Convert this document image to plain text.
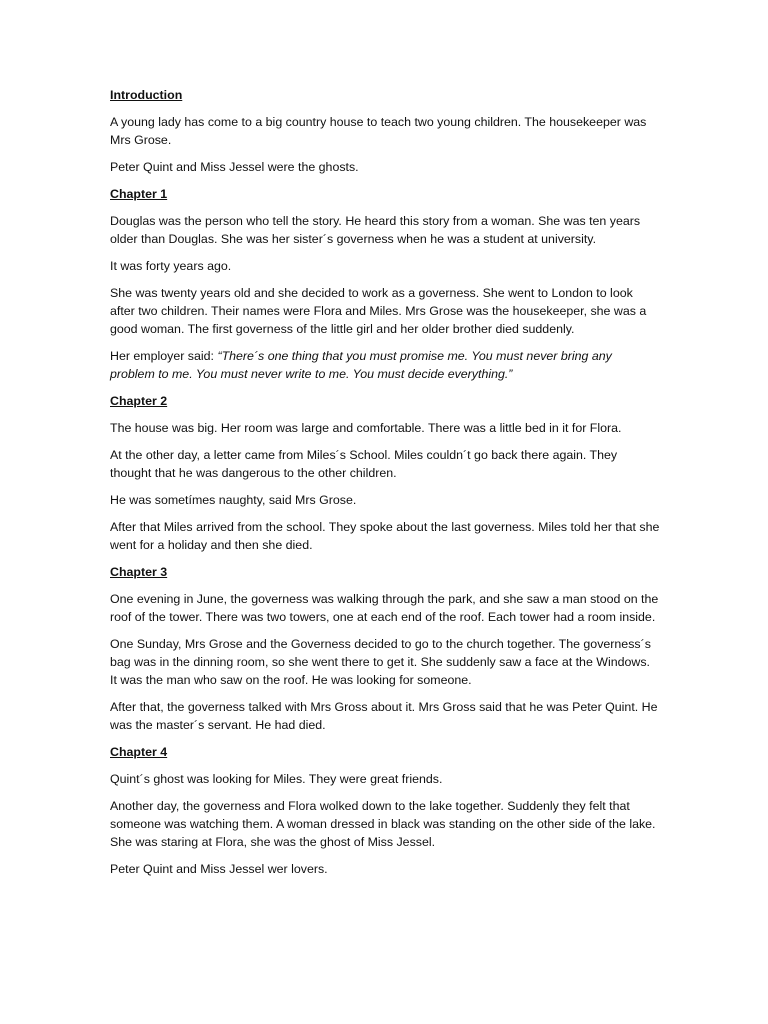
Introduction

A young lady has come to a big country house to teach two young children. The housekeeper was Mrs Grose.

Peter Quint and Miss Jessel were the ghosts.

Chapter 1

Douglas was the person who tell the story. He heard this story from a woman. She was ten years older than Douglas. She was her sister´s governess when he was a student at university.

It was forty years ago.

She was twenty years old and she decided to work as a governess. She went to London to look after two children. Their names were Flora and Miles. Mrs Grose was the housekeeper, she was a good woman. The first governess of the little girl and her older brother died suddenly.

Her employer said: “There´s one thing that you must promise me. You must never bring any problem to me. You must never write to me. You must decide everything.”

Chapter 2

The house was big. Her room was large and comfortable. There was a little bed in it for Flora.

At the other day, a letter came from Miles´s School. Miles couldn´t go back there again. They thought that he was dangerous to the other children.

He was sometímes naughty, said Mrs Grose.

After that Miles arrived from the school. They spoke about the last governess. Miles told her that she went for a holiday and then she died.

Chapter 3

One evening in June, the governess was walking through the park, and she saw a man stood on the roof of the tower. There was two towers, one at each end of the roof. Each tower had a room inside.

One Sunday, Mrs Grose and the Governess decided to go to the church together. The governess´s bag was in the dinning room, so she went there to get it. She suddenly saw a face at the Windows. It was the man who saw on the roof. He was looking for someone.

After that, the governess talked with Mrs Gross about it. Mrs Gross said that he was Peter Quint. He was the master´s servant. He had died.

Chapter 4

Quint´s ghost was looking for Miles. They were great friends.

Another day, the governess and Flora wolked down to the lake together. Suddenly they felt that someone was watching them. A woman dressed in black was standing on the other side of the lake. She was staring at Flora, she was the ghost of Miss Jessel.

Peter Quint and Miss Jessel wer lovers.
